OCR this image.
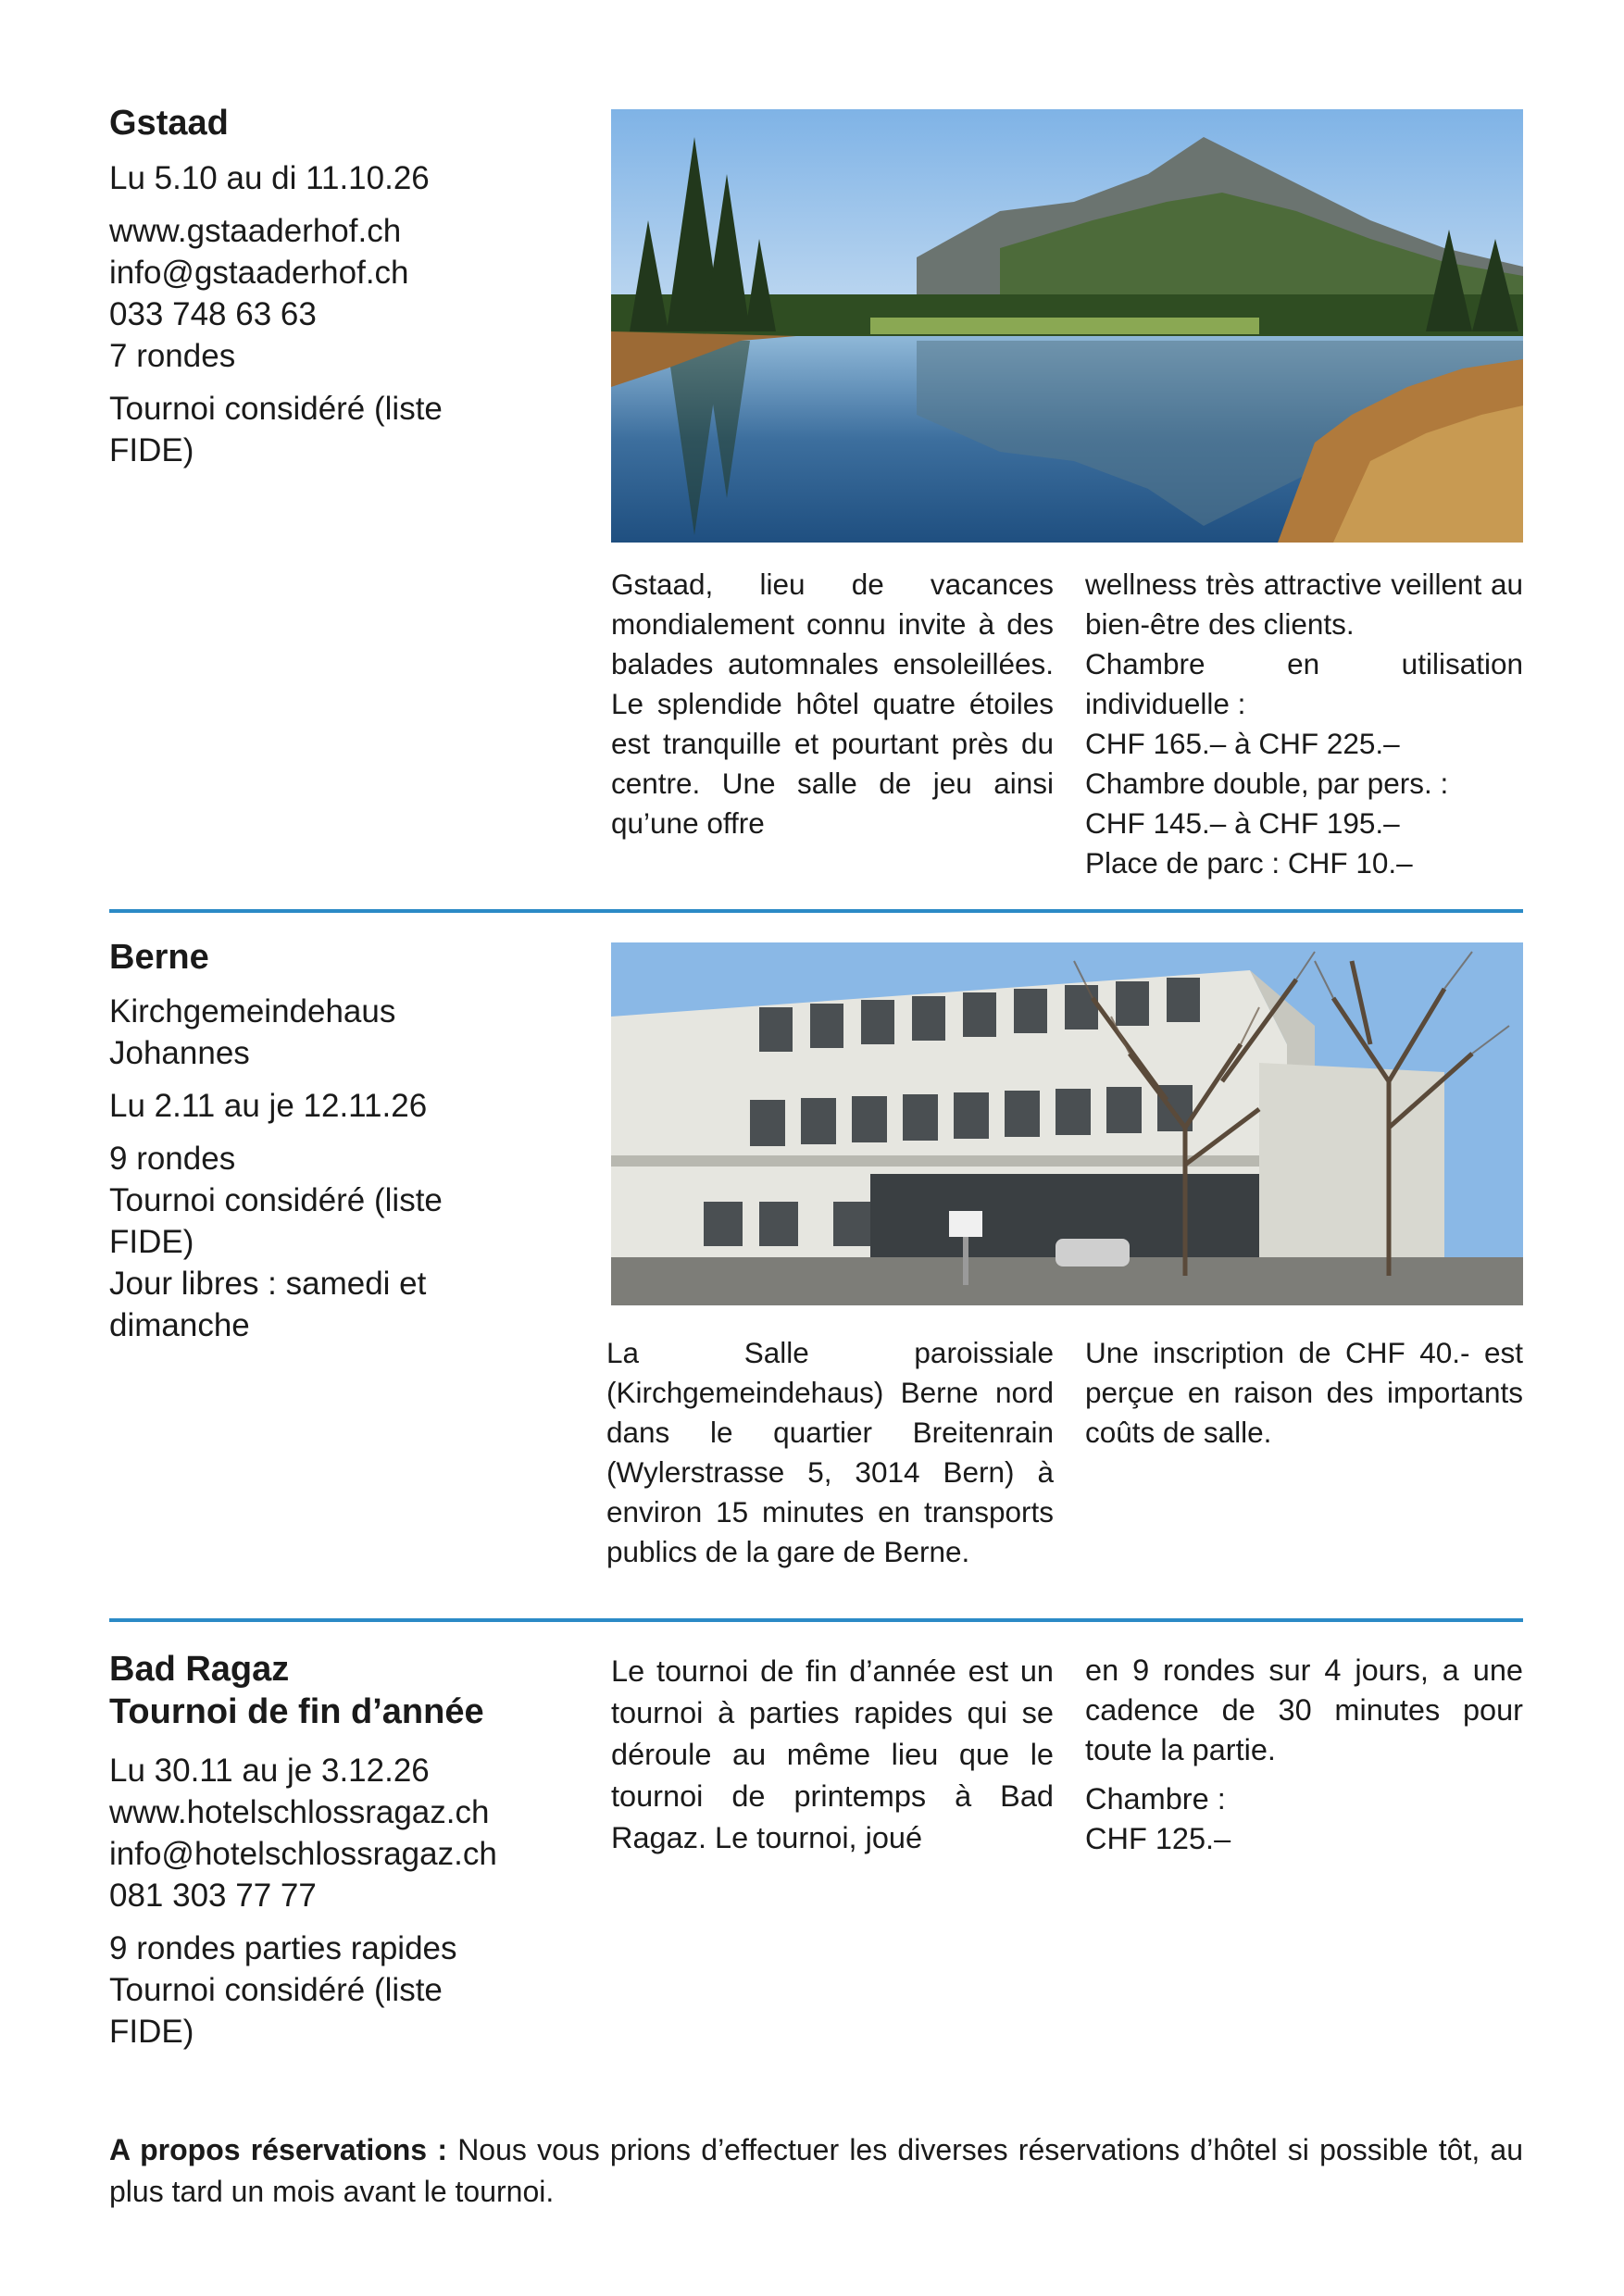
Gstaad
Lu 5.10 au di 11.10.26
www.gstaaderhof.ch
info@gstaaderhof.ch
033 748 63 63
7 rondes
Tournoi considéré (liste FIDE)
Gstaad, lieu de vacances mondialement connu invite à des balades automnales ensoleillées. Le splendide hôtel quatre étoiles est tranquille et pourtant près du centre. Une salle de jeu ainsi qu’une offre
wellness très attractive veillent au bien-être des clients.
Chambre en utilisation individuelle :
CHF 165.– à CHF 225.–
Chambre double, par pers. :
CHF 145.– à CHF 195.–
Place de parc : CHF 10.–
Berne
Kirchgemeindehaus Johannes
Lu 2.11 au je 12.11.26
9 rondes
Tournoi considéré (liste FIDE)
Jour libres : samedi et dimanche
La Salle paroissiale (Kirchgemeindehaus) Berne nord dans le quartier Breitenrain (Wylerstrasse 5, 3014 Bern) à environ 15 minutes en transports publics de la gare de Berne.
Une inscription de CHF 40.- est perçue en raison des importants coûts de salle.
Bad Ragaz
Tournoi de fin d’année
Lu 30.11 au je 3.12.26
www.hotelschlossragaz.ch
info@hotelschlossragaz.ch
081 303 77 77
9 rondes parties rapides
Tournoi considéré (liste FIDE)
Le tournoi de fin d’année est un tournoi à parties rapides qui se déroule au même lieu que le tournoi de printemps à Bad Ragaz. Le tournoi, joué
en 9 rondes sur 4 jours, a une cadence de 30 minutes pour toute la partie.
Chambre :
CHF 125.–
A propos réservations : Nous vous prions d’effectuer les diverses réservations d’hôtel si possible tôt, au plus tard un mois avant le tournoi.
